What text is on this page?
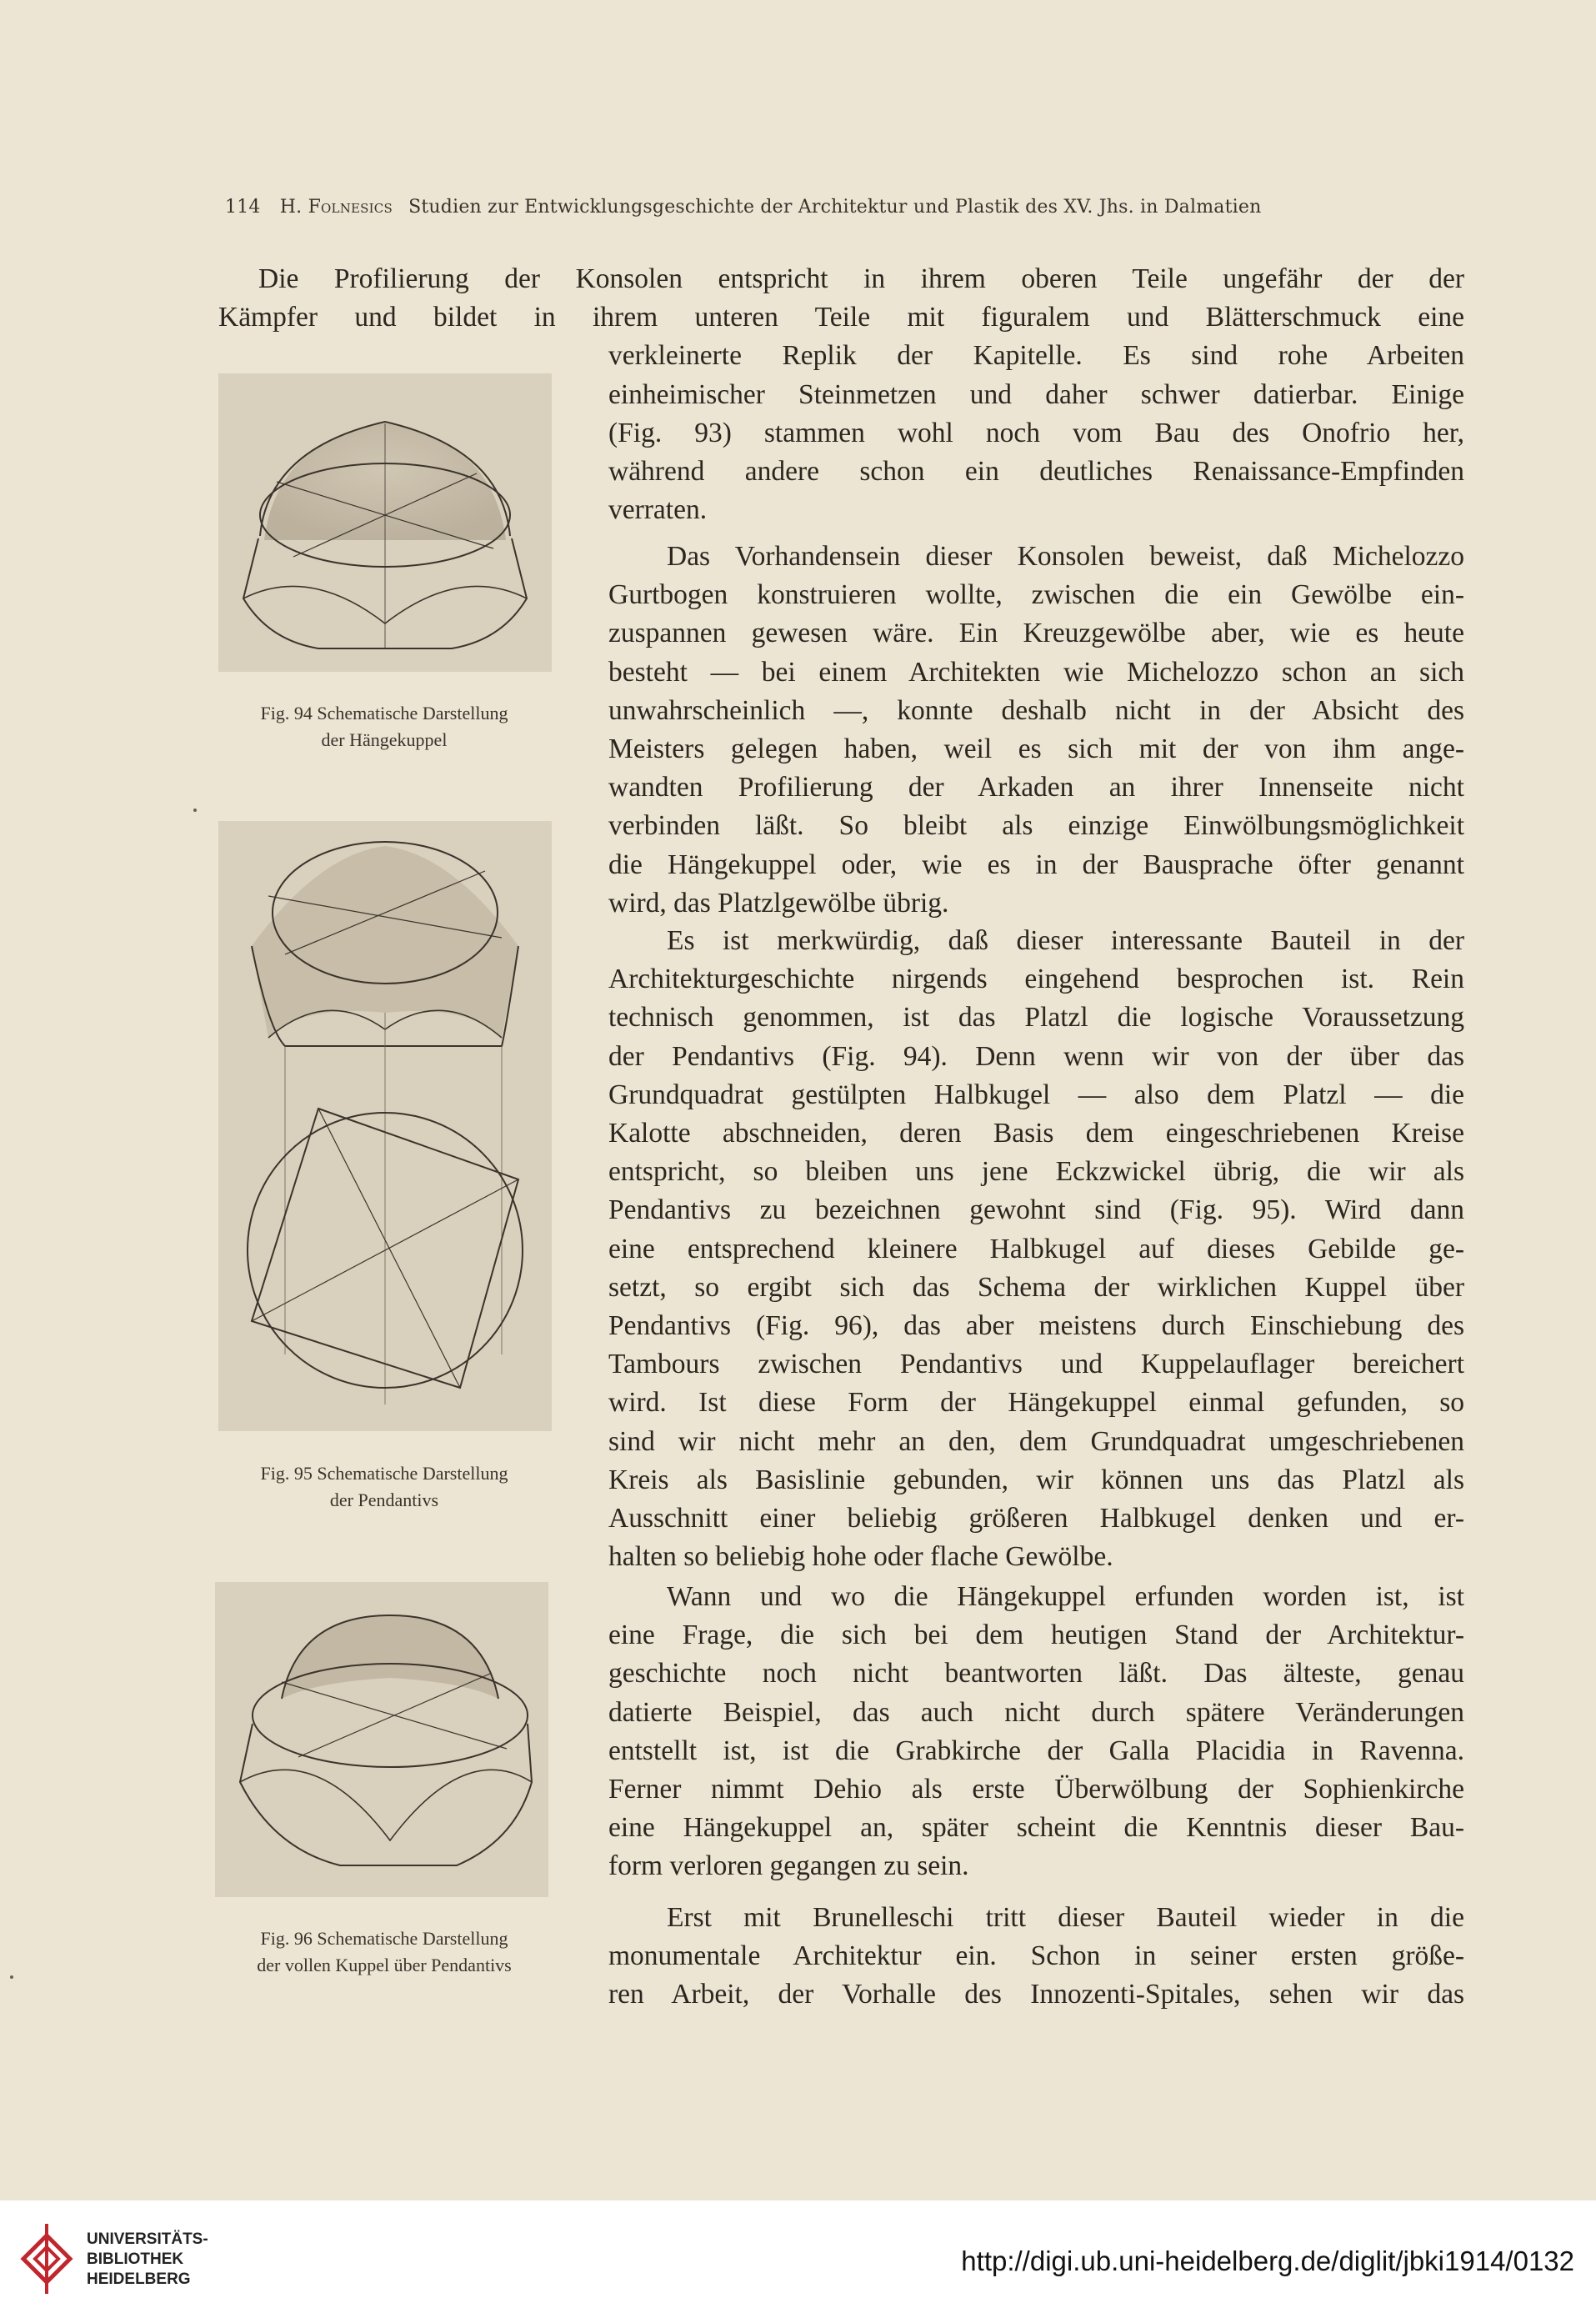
114 H. Folnesics Studien zur Entwicklungsgeschichte der Architektur und Plastik des XV. Jhs. in Dalmatien
Die Profilierung der Konsolen entspricht in ihrem oberen Teile ungefähr der der
Kämpfer und bildet in ihrem unteren Teile mit figuralem und Blätterschmuck eine
verkleinerte Replik der Kapitelle. Es sind rohe Arbeiten
einheimischer Steinmetzen und daher schwer datierbar. Einige
(Fig. 93) stammen wohl noch vom Bau des Onofrio her,
während andere schon ein deutliches Renaissance-Empfinden
verraten.
Das Vorhandensein dieser Konsolen beweist, daß Michelozzo
Gurtbogen konstruieren wollte, zwischen die ein Gewölbe ein-
zuspannen gewesen wäre. Ein Kreuzgewölbe aber, wie es heute
besteht — bei einem Architekten wie Michelozzo schon an sich
unwahrscheinlich —, konnte deshalb nicht in der Absicht des
Meisters gelegen haben, weil es sich mit der von ihm ange-
wandten Profilierung der Arkaden an ihrer Innenseite nicht
verbinden läßt. So bleibt als einzige Einwölbungsmöglichkeit
die Hängekuppel oder, wie es in der Bausprache öfter genannt
wird, das Platzlgewölbe übrig.
Es ist merkwürdig, daß dieser interessante Bauteil in der
Architekturgeschichte nirgends eingehend besprochen ist. Rein
technisch genommen, ist das Platzl die logische Voraussetzung
der Pendantivs (Fig. 94). Denn wenn wir von der über das
Grundquadrat gestülpten Halbkugel — also dem Platzl — die
Kalotte abschneiden, deren Basis dem eingeschriebenen Kreise
entspricht, so bleiben uns jene Eckzwickel übrig, die wir als
Pendantivs zu bezeichnen gewohnt sind (Fig. 95). Wird dann
eine entsprechend kleinere Halbkugel auf dieses Gebilde ge-
setzt, so ergibt sich das Schema der wirklichen Kuppel über
Pendantivs (Fig. 96), das aber meistens durch Einschiebung des
Tambours zwischen Pendantivs und Kuppelauflager bereichert
wird. Ist diese Form der Hängekuppel einmal gefunden, so
sind wir nicht mehr an den, dem Grundquadrat umgeschriebenen
Kreis als Basislinie gebunden, wir können uns das Platzl als
Ausschnitt einer beliebig größeren Halbkugel denken und er-
halten so beliebig hohe oder flache Gewölbe.
Wann und wo die Hängekuppel erfunden worden ist, ist
eine Frage, die sich bei dem heutigen Stand der Architektur-
geschichte noch nicht beantworten läßt. Das älteste, genau
datierte Beispiel, das auch nicht durch spätere Veränderungen
entstellt ist, ist die Grabkirche der Galla Placidia in Ravenna.
Ferner nimmt Dehio als erste Überwölbung der Sophienkirche
eine Hängekuppel an, später scheint die Kenntnis dieser Bau-
form verloren gegangen zu sein.
Erst mit Brunelleschi tritt dieser Bauteil wieder in die
monumentale Architektur ein. Schon in seiner ersten größe-
ren Arbeit, der Vorhalle des Innozenti-Spitales, sehen wir das
Fig. 94 Schematische Darstellung
der Hängekuppel
Fig. 95 Schematische Darstellung
der Pendantivs
Fig. 96 Schematische Darstellung
der vollen Kuppel über Pendantivs
UNIVERSITÄTS-
BIBLIOTHEK
HEIDELBERG
http://digi.ub.uni-heidelberg.de/diglit/jbki1914/0132
